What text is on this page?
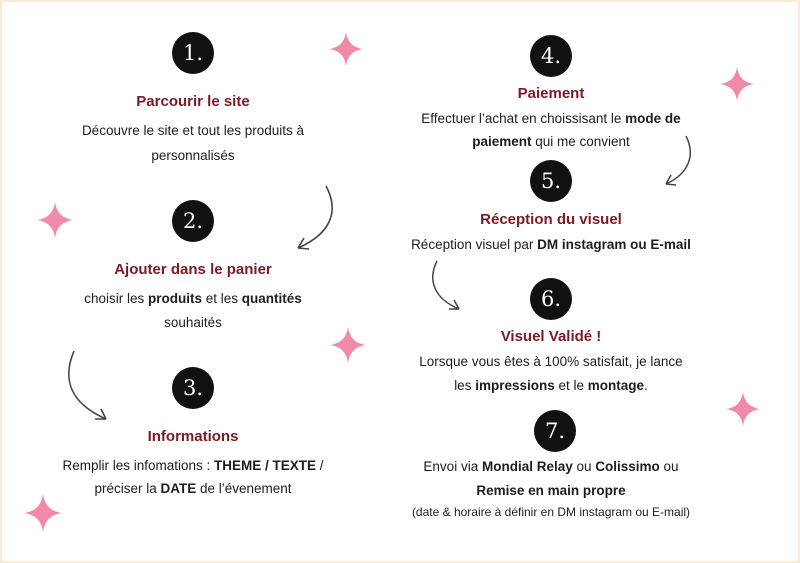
1.
Parcourir le site
Découvre le site et tout les produits à
personnalisés
2.
Ajouter dans le panier
choisir les produits et les quantités
souhaités
3.
Informations
Remplir les infomations : THEME / TEXTE /
préciser la DATE de l’évenement
4.
Paiement
Effectuer l’achat en choissisant le mode de
paiement qui me convient
5.
Réception du visuel
Réception visuel par DM instagram ou E-mail
6.
Visuel Validé !
Lorsque vous êtes à 100% satisfait, je lance
les impressions et le montage.
7.
Envoi via Mondial Relay ou Colissimo ou
Remise en main propre
(date & horaire à définir en DM instagram ou E-mail)
